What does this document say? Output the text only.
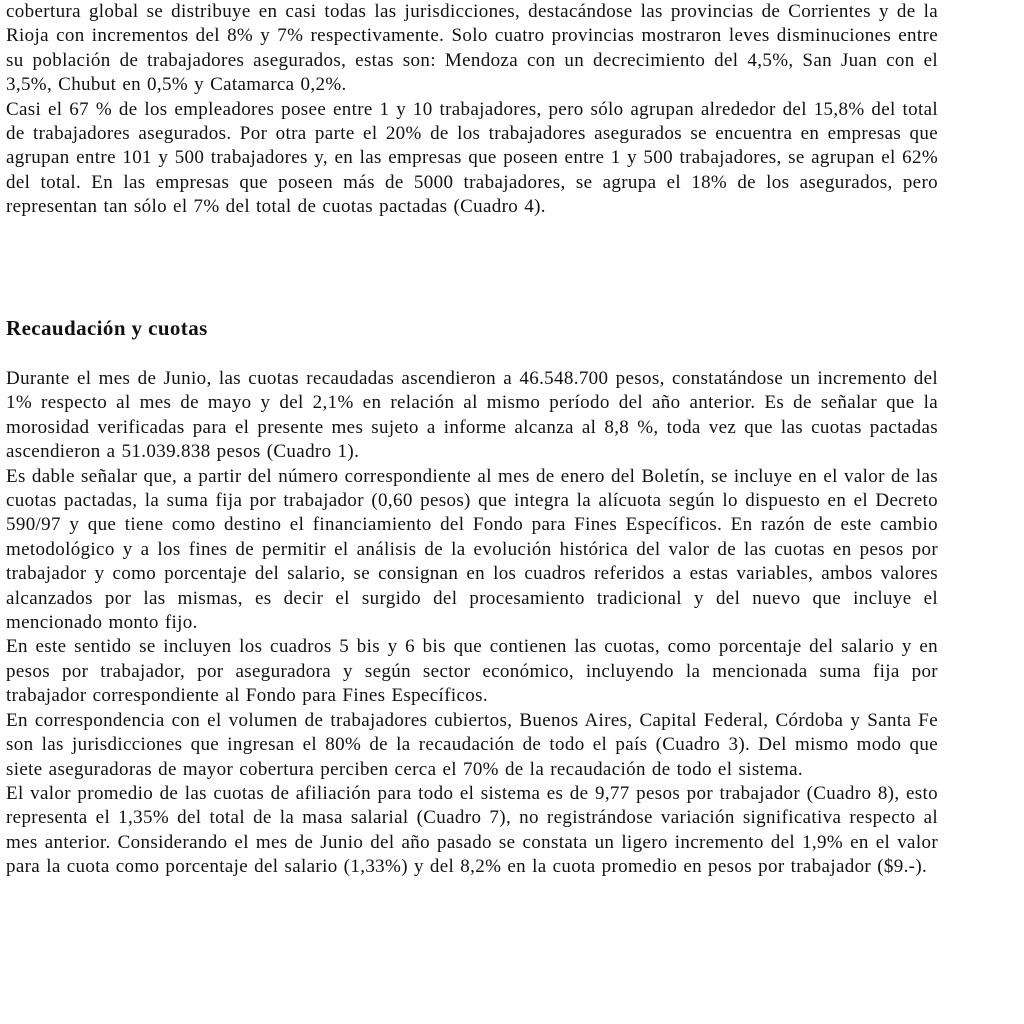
cobertura global se distribuye en casi todas las jurisdicciones, destacándose las provincias de Corrientes y de la Rioja con incrementos del 8% y 7% respectivamente. Solo cuatro provincias mostraron leves disminuciones entre su población de trabajadores asegurados, estas son: Mendoza con un decrecimiento del 4,5%, San Juan con el 3,5%, Chubut en 0,5% y Catamarca 0,2%.

Casi el 67 % de los empleadores posee entre 1 y 10 trabajadores, pero sólo agrupan alrededor del 15,8% del total de trabajadores asegurados. Por otra parte el 20% de los trabajadores asegurados se encuentra en empresas que agrupan entre 101 y 500 trabajadores y, en las empresas que poseen entre 1 y 500 trabajadores, se agrupan el 62% del total. En las empresas que poseen más de 5000 trabajadores, se agrupa el 18% de los asegurados, pero representan tan sólo el 7% del total de cuotas pactadas (Cuadro 4).

Recaudación y cuotas

Durante el mes de Junio, las cuotas recaudadas ascendieron a 46.548.700 pesos, constatándose un incremento del 1% respecto al mes de mayo y del 2,1% en relación al mismo período del año anterior. Es de señalar que la morosidad verificadas para el presente mes sujeto a informe alcanza al 8,8 %, toda vez que las cuotas pactadas ascendieron a 51.039.838 pesos (Cuadro 1).

Es dable señalar que, a partir del número correspondiente al mes de enero del Boletín, se incluye en el valor de las cuotas pactadas, la suma fija por trabajador (0,60 pesos) que integra la alícuota según lo dispuesto en el Decreto 590/97 y que tiene como destino el financiamiento del Fondo para Fines Específicos. En razón de este cambio metodológico y a los fines de permitir el análisis de la evolución histórica del valor de las cuotas en pesos por trabajador y como porcentaje del salario, se consignan en los cuadros referidos a estas variables, ambos valores alcanzados por las mismas, es decir el surgido del procesamiento tradicional y del nuevo que incluye el mencionado monto fijo.

En este sentido se incluyen los cuadros 5 bis y 6 bis que contienen las cuotas, como porcentaje del salario y en pesos por trabajador, por aseguradora y según sector económico, incluyendo la mencionada suma fija por trabajador correspondiente al Fondo para Fines Específicos.

En correspondencia con el volumen de trabajadores cubiertos, Buenos Aires, Capital Federal, Córdoba y Santa Fe son las jurisdicciones que ingresan el 80% de la recaudación de todo el país (Cuadro 3). Del mismo modo que siete aseguradoras de mayor cobertura perciben cerca el 70% de la recaudación de todo el sistema.

El valor promedio de las cuotas de afiliación para todo el sistema es de 9,77 pesos por trabajador (Cuadro 8), esto representa el 1,35% del total de la masa salarial (Cuadro 7), no registrándose variación significativa respecto al mes anterior. Considerando el mes de Junio del año pasado se constata un ligero incremento del 1,9% en el valor para la cuota como porcentaje del salario (1,33%) y del 8,2% en la cuota promedio en pesos por trabajador ($9.-).
